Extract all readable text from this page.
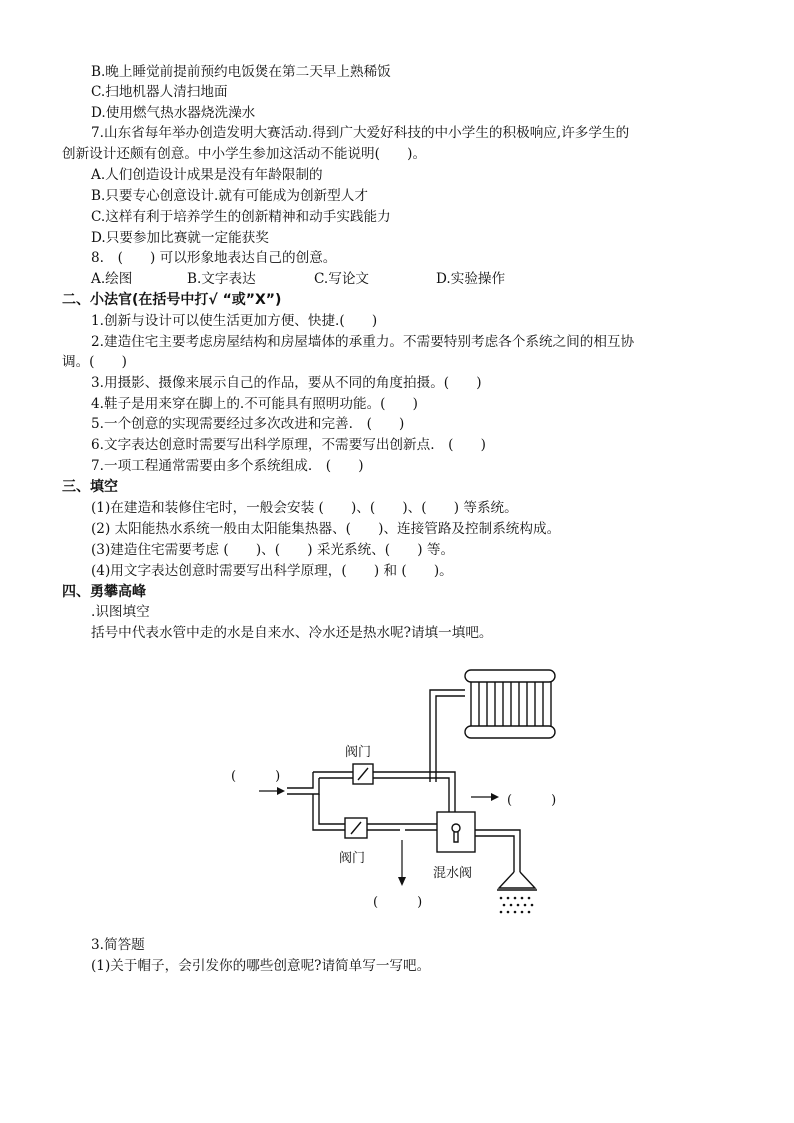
B.晚上睡觉前提前预约电饭煲在第二天早上熟稀饭
C.扫地机器人清扫地面
D.使用燃气热水器烧洗澡水
7.山东省每年举办创造发明大赛活动.得到广大爱好科技的中小学生的积极响应,许多学生的
创新设计还颇有创意。中小学生参加这活动不能说明(　　)。
A.人们创造设计成果是没有年龄限制的
B.只要专心创意设计.就有可能成为创新型人才
C.这样有利于培养学生的创新精神和动手实践能力
D.只要参加比赛就一定能获奖
8.　(　　) 可以形象地表达自己的创意。
A.绘图	B.文字表达	C.写论文	D.实验操作
二、小法官(在括号中打√ “或”X”)
1.创新与设计可以使生活更加方便、快捷.(　　)
2.建造住宅主要考虑房屋结构和房屋墙体的承重力。不需要特别考虑各个系统之间的相互协
调。(　　)
3.用摄影、摄像来展示自己的作品，要从不同的角度拍摄。(　　)
4.鞋子是用来穿在脚上的.不可能具有照明功能。(　　)
5.一个创意的实现需要经过多次改进和完善.　(　　)
6.文字表达创意时需要写出科学原理，不需要写出创新点.　(　　)
7.一项工程通常需要由多个系统组成.　(　　)
三、填空
(1)在建造和装修住宅时，一般会安装 (　　)、(　　)、(　　) 等系统。
(2) 太阳能热水系统一般由太阳能集热器、(　　)、连接管路及控制系统构成。
(3)建造住宅需要考虑 (　　)、(　　) 采光系统、(　　) 等。
(4)用文字表达创意时需要写出科学原理，(　　) 和 (　　)。
四、勇攀高峰
.识图填空
括号中代表水管中走的水是自来水、冷水还是热水呢?请填一填吧。
阀门
阀门
混水阀
(　　　)
(　　　)
(　　　)
3.简答题
(1)关于帽子，会引发你的哪些创意呢?请简单写一写吧。
